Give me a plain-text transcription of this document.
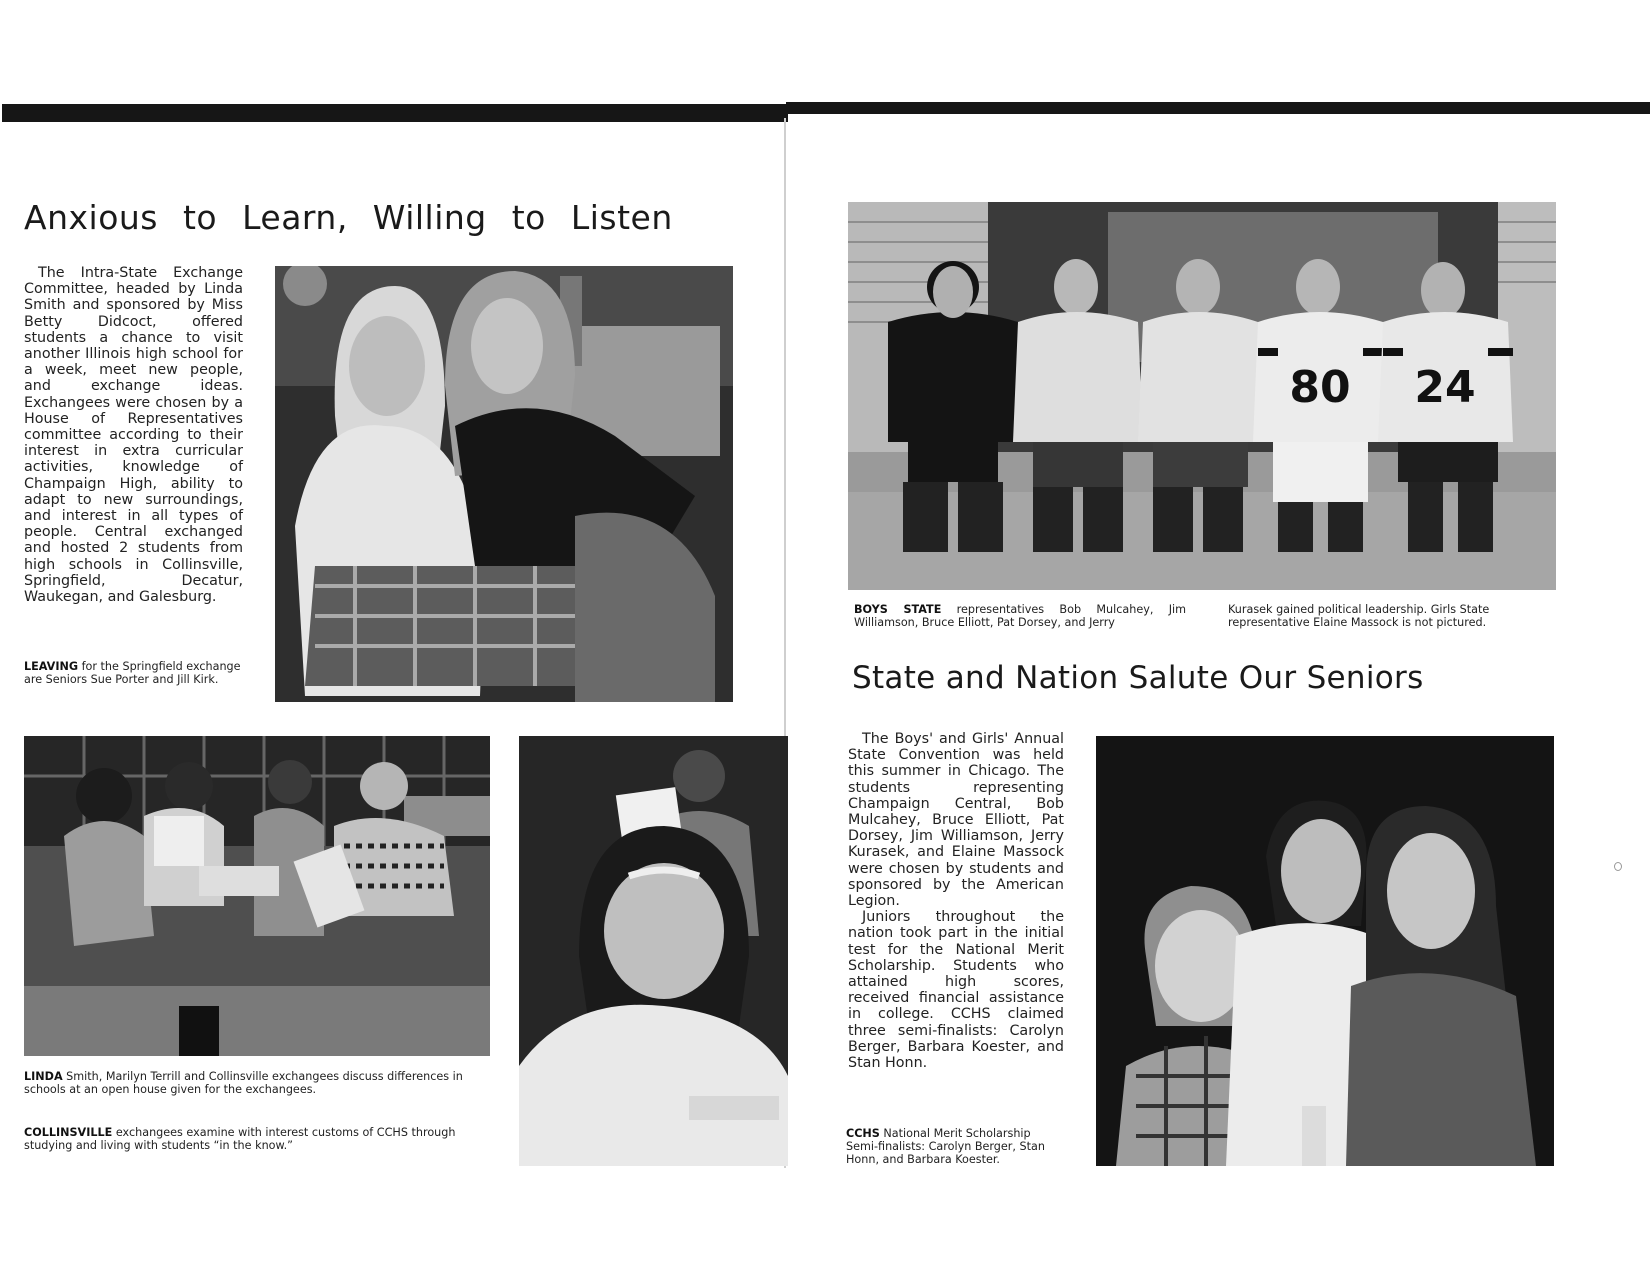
Anxious to Learn, Willing to Listen

The Intra-State Exchange Committee, headed by Linda Smith and sponsored by Miss Betty Didcoct, offered students a chance to visit another Illinois high school for a week, meet new people, and exchange ideas. Exchangees were chosen by a House of Representatives committee according to their interest in extra curricular activities, knowledge of Champaign High, ability to adapt to new surroundings, and interest in all types of people. Central exchanged and hosted 2 students from high schools in Collinsville, Springfield, Decatur, Waukegan, and Galesburg.

LEAVING for the Springfield exchange are Seniors Sue Porter and Jill Kirk.

LINDA Smith, Marilyn Terrill and Collinsville exchangees discuss differences in schools at an open house given for the exchangees.

COLLINSVILLE exchangees examine with interest customs of CCHS through studying and living with students “in the know.”

80 24

BOYS STATE representatives Bob Mulcahey, Jim Williamson, Bruce Elliott, Pat Dorsey, and Jerry

Kurasek gained political leadership. Girls State representative Elaine Massock is not pictured.

State and Nation Salute Our Seniors

The Boys' and Girls' Annual State Convention was held this summer in Chicago. The students representing Champaign Central, Bob Mulcahey, Bruce Elliott, Pat Dorsey, Jim Williamson, Jerry Kurasek, and Elaine Massock were chosen by students and sponsored by the American Legion.

Juniors throughout the nation took part in the initial test for the National Merit Scholarship. Students who attained high scores, received financial assistance in college. CCHS claimed three semi-finalists: Carolyn Berger, Barbara Koester, and Stan Honn.

CCHS National Merit Scholarship Semi-finalists: Carolyn Berger, Stan Honn, and Barbara Koester.
